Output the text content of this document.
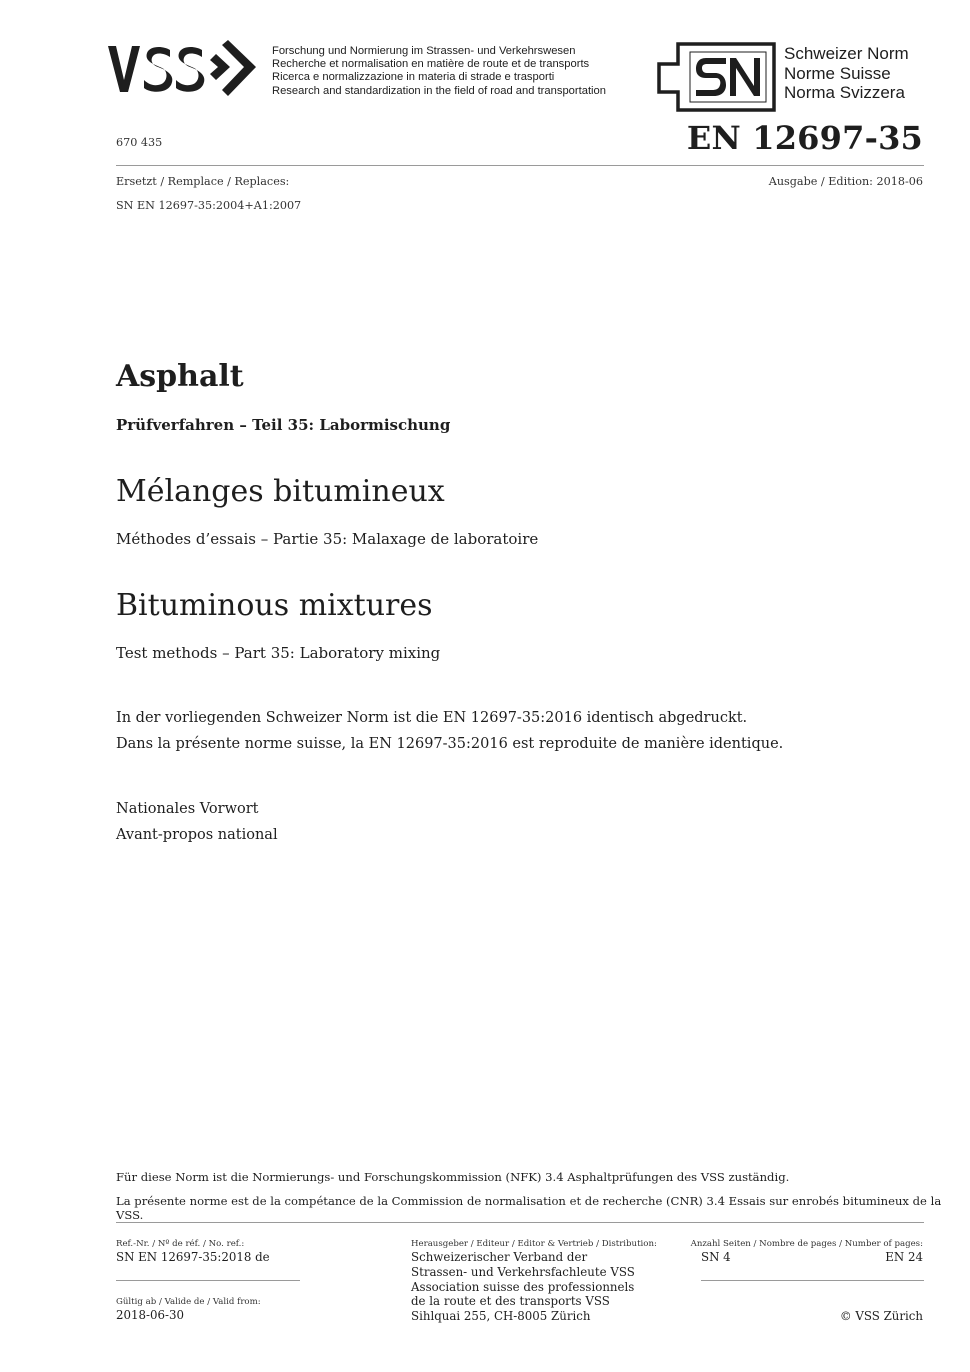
Forschung und Normierung im Strassen- und Verkehrswesen
Recherche et normalisation en matière de route et de transports
Ricerca e normalizzazione in materia di strade e trasporti
Research and standardization in the field of road and transportation
Schweizer Norm
Norme Suisse
Norma Svizzera
670 435	EN 12697-35
Ersetzt / Remplace / Replaces:
SN EN 12697-35:2004+A1:2007
Ausgabe / Edition: 2018-06
Asphalt
Prüfverfahren – Teil 35: Labormischung
Mélanges bitumineux
Méthodes d’essais – Partie 35: Malaxage de laboratoire
Bituminous mixtures
Test methods – Part 35: Laboratory mixing
In der vorliegenden Schweizer Norm ist die EN 12697-35:2016 identisch abgedruckt.
Dans la présente norme suisse, la EN 12697-35:2016 est reproduite de manière identique.
Nationales Vorwort
Avant-propos national
Für diese Norm ist die Normierungs- und Forschungskommission (NFK) 3.4 Asphaltprüfungen des VSS zuständig.
La présente norme est de la compétance de la Commission de normalisation et de recherche (CNR) 3.4 Essais sur enrobés bitumineux de la VSS.
Ref.-Nr. / Nº de réf. / No. ref.:
SN EN 12697-35:2018 de
Gültig ab / Valide de / Valid from:
2018-06-30
Herausgeber / Editeur / Editor & Vertrieb / Distribution:
Schweizerischer Verband der
Strassen- und Verkehrsfachleute VSS
Association suisse des professionnels
de la route et des transports VSS
Sihlquai 255, CH-8005 Zürich
Anzahl Seiten / Nombre de pages / Number of pages:
SN 4	EN 24
© VSS Zürich
